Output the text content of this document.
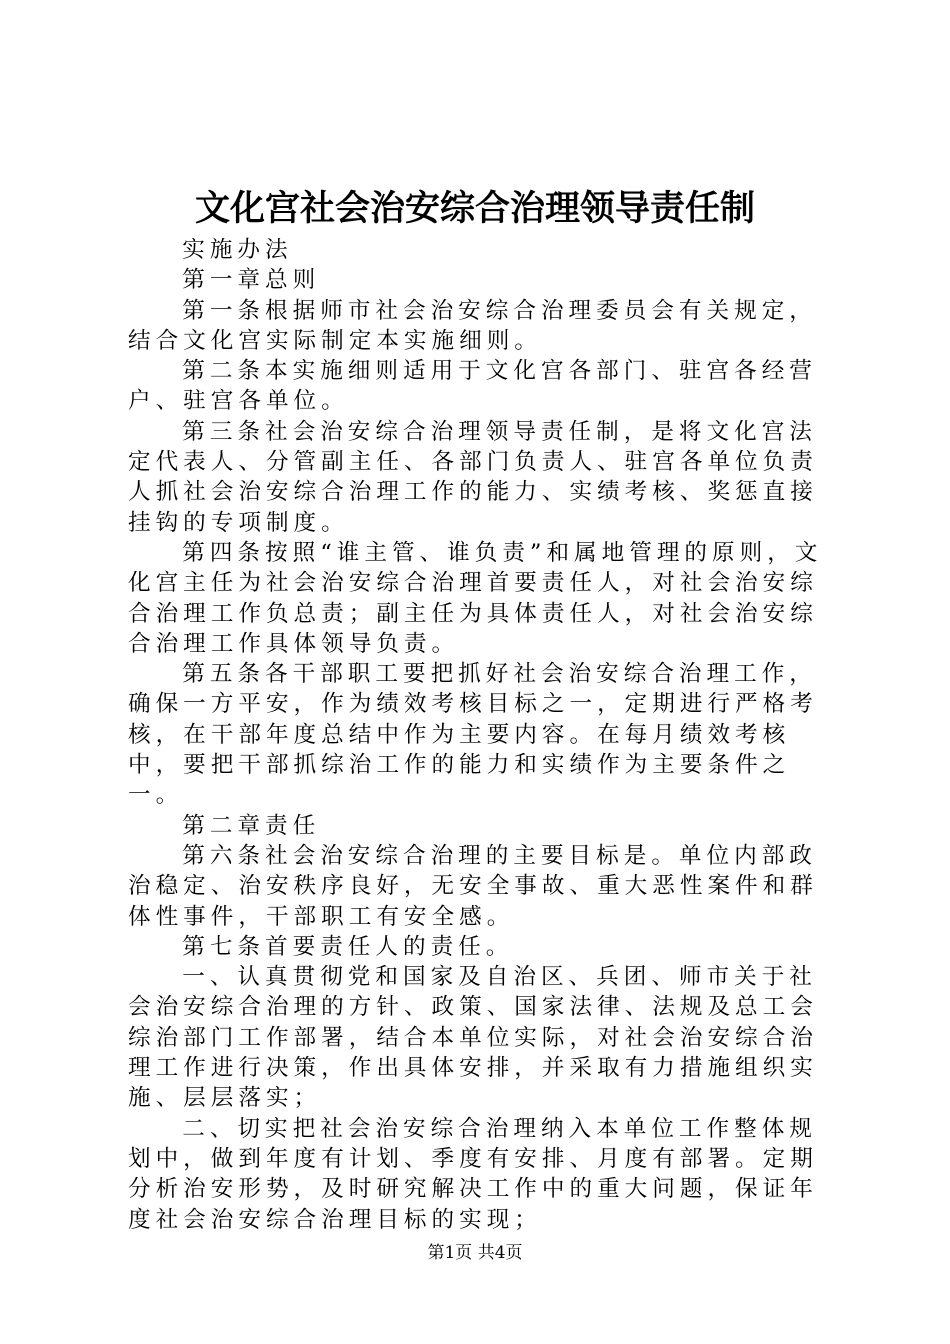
文化宫社会治安综合治理领导责任制

实施办法

第一章总则

第一条根据师市社会治安综合治理委员会有关规定，结合文化宫实际制定本实施细则。

第二条本实施细则适用于文化宫各部门、驻宫各经营户、驻宫各单位。

第三条社会治安综合治理领导责任制，是将文化宫法定代表人、分管副主任、各部门负责人、驻宫各单位负责人抓社会治安综合治理工作的能力、实绩考核、奖惩直接挂钩的专项制度。

第四条按照“谁主管、谁负责”和属地管理的原则，文化宫主任为社会治安综合治理首要责任人，对社会治安综合治理工作负总责；副主任为具体责任人，对社会治安综合治理工作具体领导负责。

第五条各干部职工要把抓好社会治安综合治理工作，确保一方平安，作为绩效考核目标之一，定期进行严格考核，在干部年度总结中作为主要内容。在每月绩效考核中，要把干部抓综治工作的能力和实绩作为主要条件之一。

第二章责任

第六条社会治安综合治理的主要目标是。单位内部政治稳定、治安秩序良好，无安全事故、重大恶性案件和群体性事件，干部职工有安全感。

第七条首要责任人的责任。

一、认真贯彻党和国家及自治区、兵团、师市关于社会治安综合治理的方针、政策、国家法律、法规及总工会综治部门工作部署，结合本单位实际，对社会治安综合治理工作进行决策，作出具体安排，并采取有力措施组织实施、层层落实；

二、切实把社会治安综合治理纳入本单位工作整体规划中，做到年度有计划、季度有安排、月度有部署。定期分析治安形势，及时研究解决工作中的重大问题，保证年度社会治安综合治理目标的实现；

第1页 共4页
